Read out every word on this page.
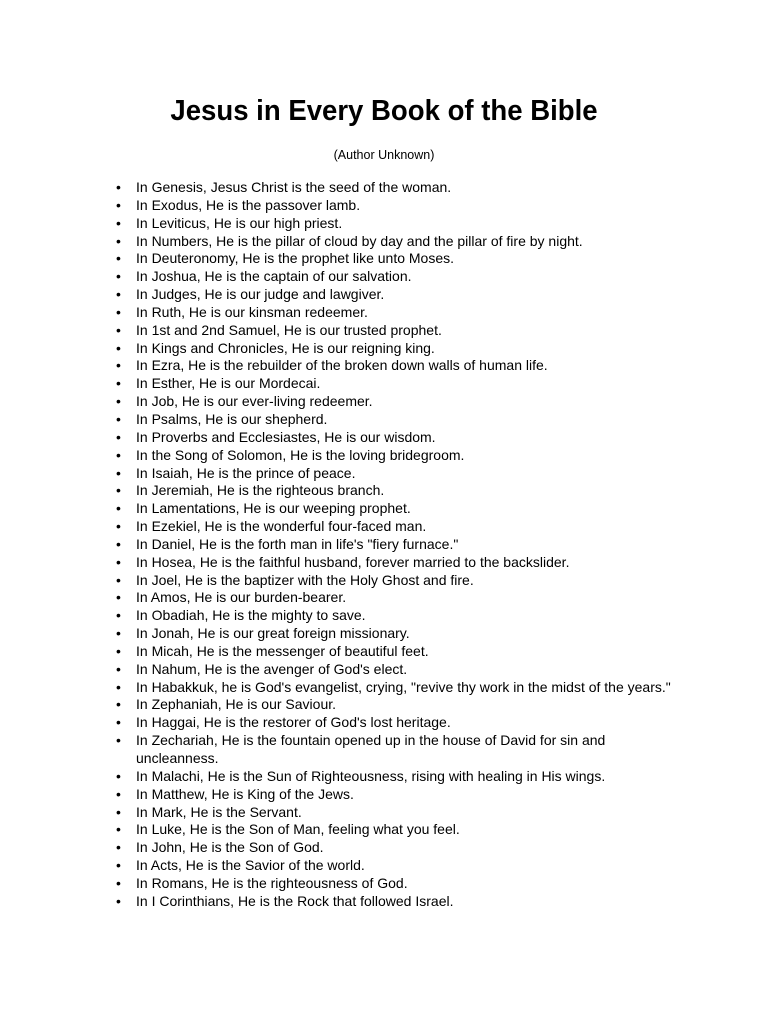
Jesus in Every Book of the Bible
(Author Unknown)
• In Genesis, Jesus Christ is the seed of the woman.
• In Exodus, He is the passover lamb.
• In Leviticus, He is our high priest.
• In Numbers, He is the pillar of cloud by day and the pillar of fire by night.
• In Deuteronomy, He is the prophet like unto Moses.
• In Joshua, He is the captain of our salvation.
• In Judges, He is our judge and lawgiver.
• In Ruth, He is our kinsman redeemer.
• In 1st and 2nd Samuel, He is our trusted prophet.
• In Kings and Chronicles, He is our reigning king.
• In Ezra, He is the rebuilder of the broken down walls of human life.
• In Esther, He is our Mordecai.
• In Job, He is our ever-living redeemer.
• In Psalms, He is our shepherd.
• In Proverbs and Ecclesiastes, He is our wisdom.
• In the Song of Solomon, He is the loving bridegroom.
• In Isaiah, He is the prince of peace.
• In Jeremiah, He is the righteous branch.
• In Lamentations, He is our weeping prophet.
• In Ezekiel, He is the wonderful four-faced man.
• In Daniel, He is the forth man in life's "fiery furnace."
• In Hosea, He is the faithful husband, forever married to the backslider.
• In Joel, He is the baptizer with the Holy Ghost and fire.
• In Amos, He is our burden-bearer.
• In Obadiah, He is the mighty to save.
• In Jonah, He is our great foreign missionary.
• In Micah, He is the messenger of beautiful feet.
• In Nahum, He is the avenger of God's elect.
• In Habakkuk, he is God's evangelist, crying, "revive thy work in the midst of the years."
• In Zephaniah, He is our Saviour.
• In Haggai, He is the restorer of God's lost heritage.
• In Zechariah, He is the fountain opened up in the house of David for sin and uncleanness.
• In Malachi, He is the Sun of Righteousness, rising with healing in His wings.
• In Matthew, He is King of the Jews.
• In Mark, He is the Servant.
• In Luke, He is the Son of Man, feeling what you feel.
• In John, He is the Son of God.
• In Acts, He is the Savior of the world.
• In Romans, He is the righteousness of God.
• In I Corinthians, He is the Rock that followed Israel.
